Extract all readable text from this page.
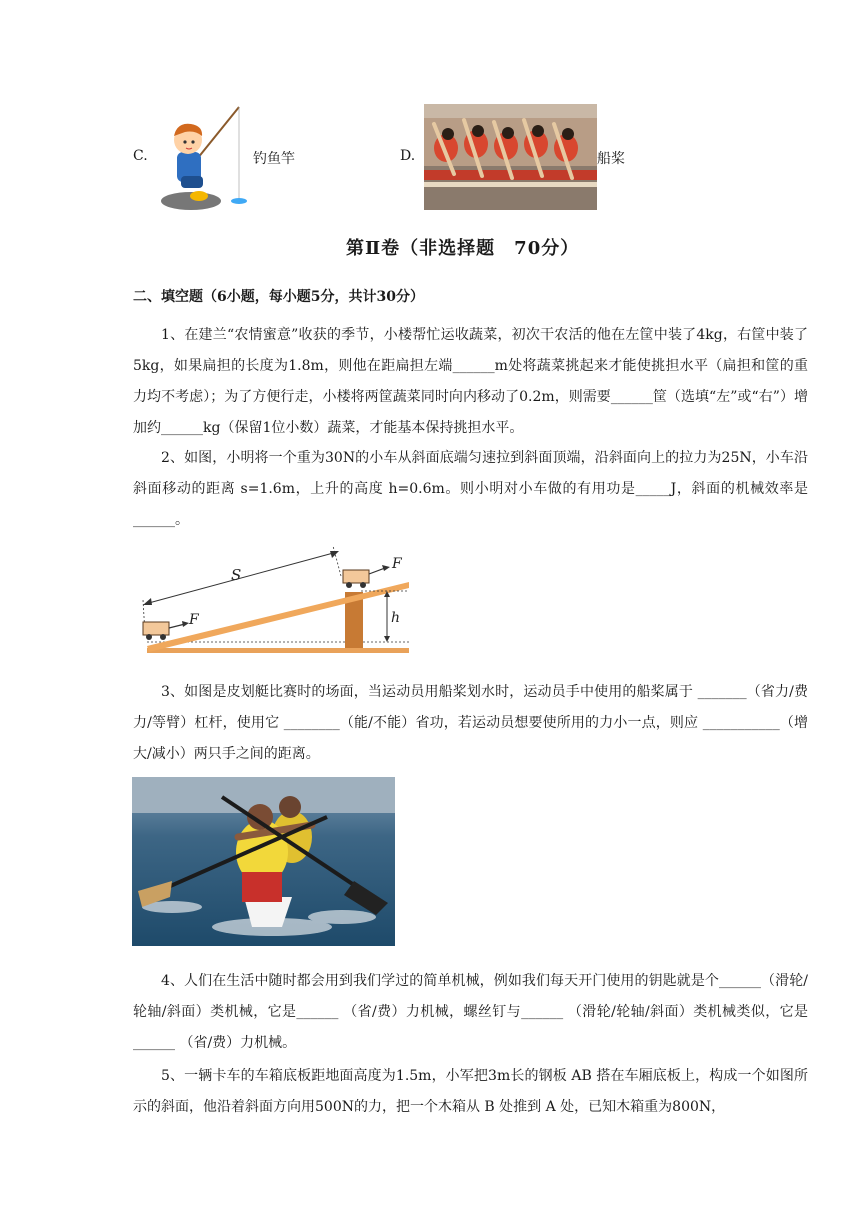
C.	钓鱼竿	D.	船桨
第Ⅱ卷（非选择题　70分）
二、填空题（6小题，每小题5分，共计30分）

1、在建兰“农情蜜意”收获的季节，小楼帮忙运收蔬菜，初次干农活的他在左筐中装了4kg，右筐中装了5kg，如果扁担的长度为1.8m，则他在距扁担左端______m处将蔬菜挑起来才能使挑担水平（扁担和筐的重力均不考虑）；为了方便行走，小楼将两筐蔬菜同时向内移动了0.2m，则需要______筐（选填“左”或“右”）增加约______kg（保留1位小数）蔬菜，才能基本保持挑担水平。

2、如图，小明将一个重为30N的小车从斜面底端匀速拉到斜面顶端，沿斜面向上的拉力为25N，小车沿斜面移动的距离 s=1.6m，上升的高度 h=0.6m。则小明对小车做的有用功是_____J，斜面的机械效率是______。

h
S
F
F

3、如图是皮划艇比赛时的场面，当运动员用船桨划水时，运动员手中使用的船桨属于 _______（省力/费力/等臂）杠杆，使用它 ________（能/不能）省功，若运动员想要使所用的力小一点，则应 ___________（增大/减小）两只手之间的距离。

4、人们在生活中随时都会用到我们学过的简单机械，例如我们每天开门使用的钥匙就是个______（滑轮/轮轴/斜面）类机械，它是______ （省/费）力机械，螺丝钉与______ （滑轮/轮轴/斜面）类机械类似，它是______ （省/费）力机械。

5、一辆卡车的车箱底板距地面高度为1.5m，小军把3m长的钢板 AB 搭在车厢底板上，构成一个如图所示的斜面，他沿着斜面方向用500N的力，把一个木箱从 B 处推到 A 处，已知木箱重为800N，
